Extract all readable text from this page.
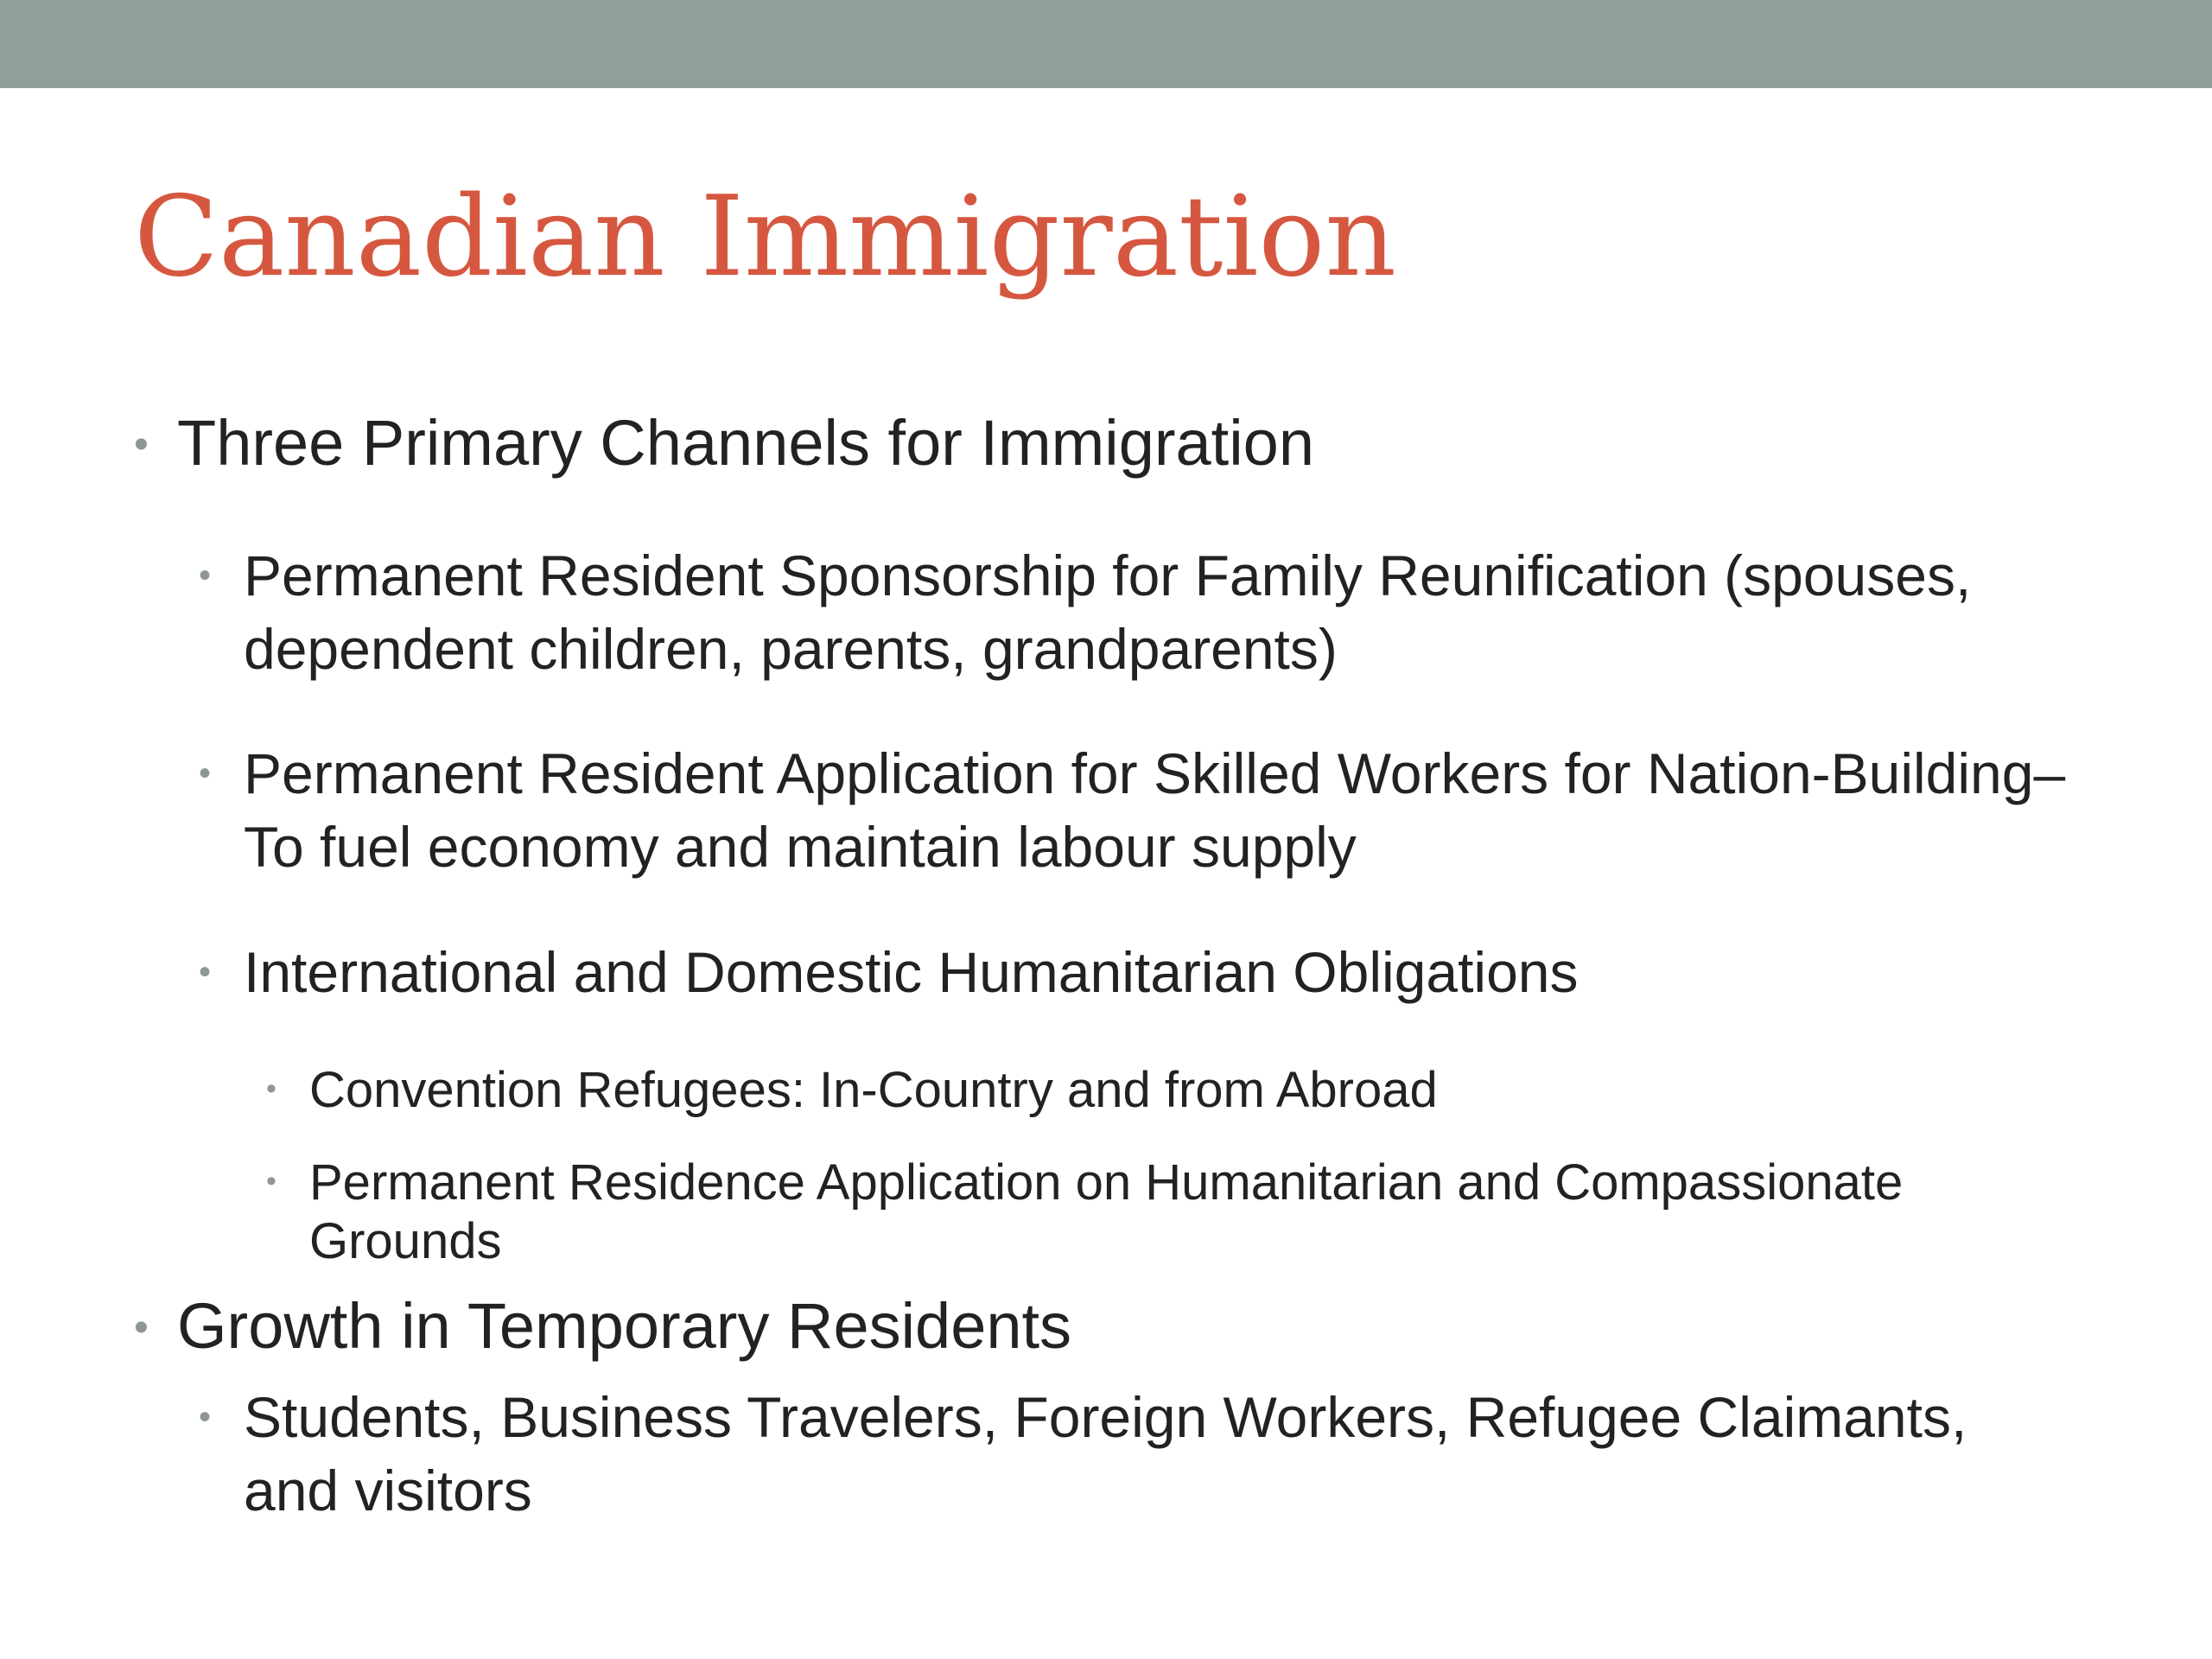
Canadian Immigration
• Three Primary Channels for Immigration
• Permanent Resident Sponsorship for Family Reunification (spouses, dependent children, parents, grandparents)
• Permanent Resident Application for Skilled Workers for Nation-Building– To fuel economy and maintain labour supply
• International and Domestic Humanitarian Obligations
• Convention Refugees: In-Country and from Abroad
• Permanent Residence Application on Humanitarian and Compassionate Grounds
• Growth in Temporary Residents
• Students, Business Travelers, Foreign Workers, Refugee Claimants, and visitors
